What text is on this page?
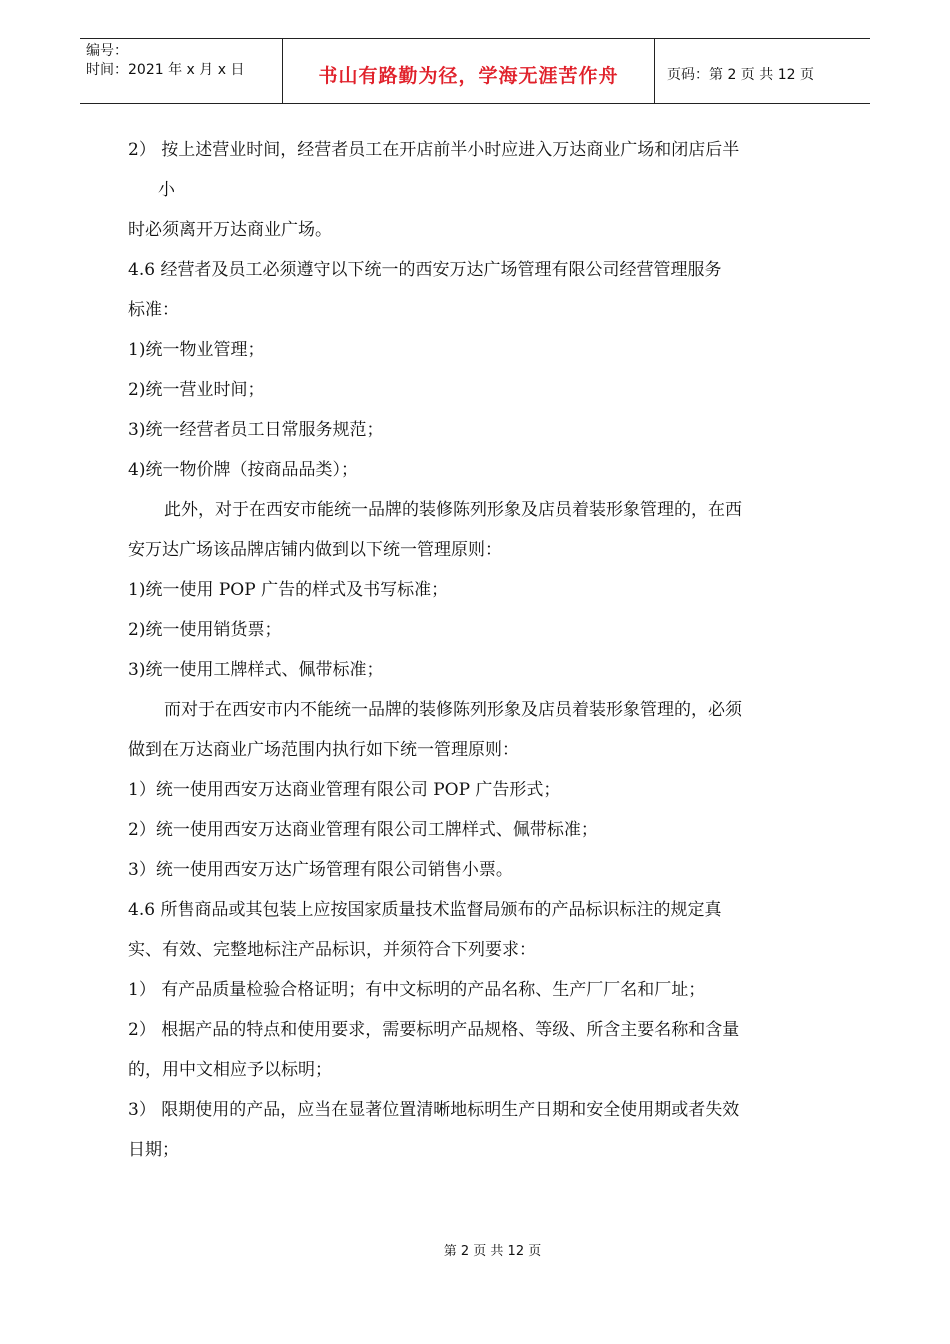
编号：
时间：2021 年 x 月 x 日	书山有路勤为径，学海无涯苦作舟	页码：第 2 页 共 12 页

2） 按上述营业时间，经营者员工在开店前半小时应进入万达商业广场和闭店后半

小

时必须离开万达商业广场。

4.6 经营者及员工必须遵守以下统一的西安万达广场管理有限公司经营管理服务

标准：

1)统一物业管理；

2)统一营业时间；

3)统一经营者员工日常服务规范；

4)统一物价牌（按商品品类）；

此外，对于在西安市能统一品牌的装修陈列形象及店员着装形象管理的，在西

安万达广场该品牌店铺内做到以下统一管理原则：

1)统一使用 POP 广告的样式及书写标准；

2)统一使用销货票；

3)统一使用工牌样式、佩带标准；

而对于在西安市内不能统一品牌的装修陈列形象及店员着装形象管理的，必须

做到在万达商业广场范围内执行如下统一管理原则：

1）统一使用西安万达商业管理有限公司 POP 广告形式；

2）统一使用西安万达商业管理有限公司工牌样式、佩带标准；

3）统一使用西安万达广场管理有限公司销售小票。

4.6 所售商品或其包装上应按国家质量技术监督局颁布的产品标识标注的规定真

实、有效、完整地标注产品标识，并须符合下列要求：

1） 有产品质量检验合格证明；有中文标明的产品名称、生产厂厂名和厂址；

2） 根据产品的特点和使用要求，需要标明产品规格、等级、所含主要名称和含量

的，用中文相应予以标明；

3） 限期使用的产品，应当在显著位置清晰地标明生产日期和安全使用期或者失效

日期；

第 2 页 共 12 页
